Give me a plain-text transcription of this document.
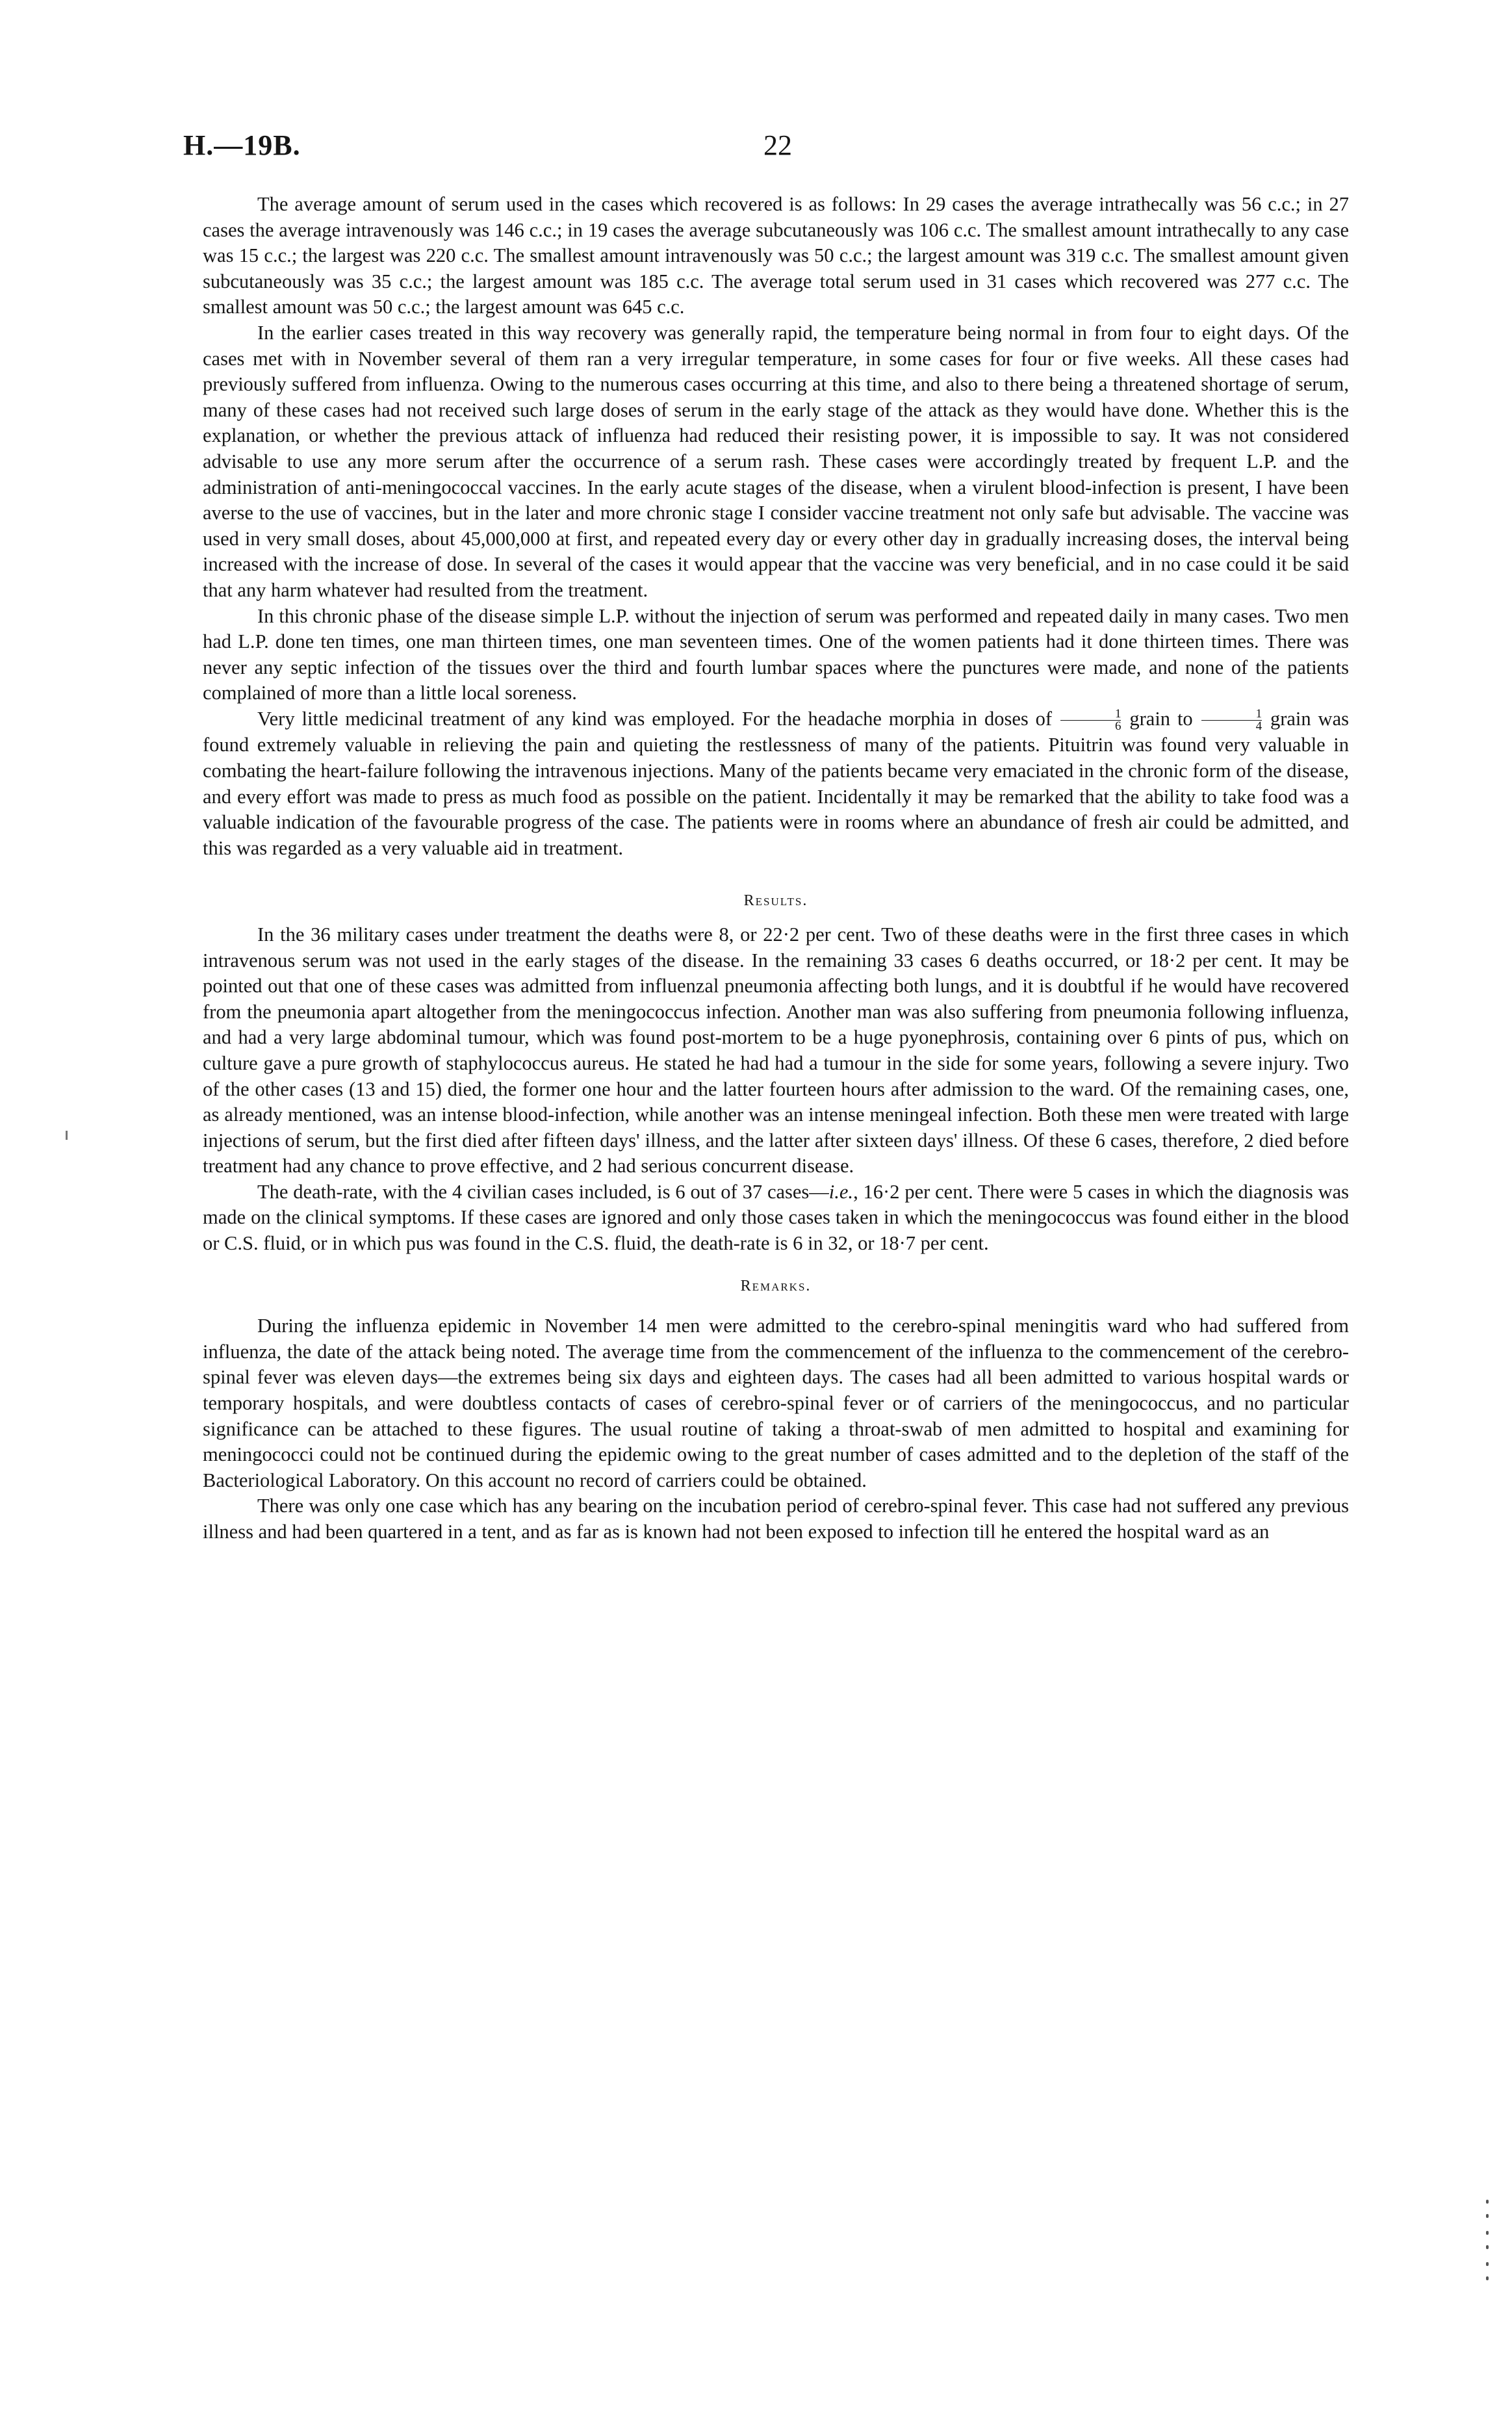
H.—19B.	22

The average amount of serum used in the cases which recovered is as follows: In 29 cases the average intrathecally was 56 c.c.; in 27 cases the average intravenously was 146 c.c.; in 19 cases the average subcutaneously was 106 c.c. The smallest amount intrathecally to any case was 15 c.c.; the largest was 220 c.c. The smallest amount intravenously was 50 c.c.; the largest amount was 319 c.c. The smallest amount given subcutaneously was 35 c.c.; the largest amount was 185 c.c. The average total serum used in 31 cases which recovered was 277 c.c. The smallest amount was 50 c.c.; the largest amount was 645 c.c.

In the earlier cases treated in this way recovery was generally rapid, the temperature being normal in from four to eight days. Of the cases met with in November several of them ran a very irregular temperature, in some cases for four or five weeks. All these cases had previously suffered from influenza. Owing to the numerous cases occurring at this time, and also to there being a threatened shortage of serum, many of these cases had not received such large doses of serum in the early stage of the attack as they would have done. Whether this is the explanation, or whether the previous attack of influenza had reduced their resisting power, it is impossible to say. It was not considered advisable to use any more serum after the occurrence of a serum rash. These cases were accordingly treated by frequent L.P. and the administration of anti-meningococcal vaccines. In the early acute stages of the disease, when a virulent blood-infection is present, I have been averse to the use of vaccines, but in the later and more chronic stage I consider vaccine treatment not only safe but advisable. The vaccine was used in very small doses, about 45,000,000 at first, and repeated every day or every other day in gradually increasing doses, the interval being increased with the increase of dose. In several of the cases it would appear that the vaccine was very beneficial, and in no case could it be said that any harm whatever had resulted from the treatment.

In this chronic phase of the disease simple L.P. without the injection of serum was performed and repeated daily in many cases. Two men had L.P. done ten times, one man thirteen times, one man seventeen times. One of the women patients had it done thirteen times. There was never any septic infection of the tissues over the third and fourth lumbar spaces where the punctures were made, and none of the patients complained of more than a little local soreness.

Very little medicinal treatment of any kind was employed. For the headache morphia in doses of $\frac{1}{6}$ grain to $\frac{1}{4}$ grain was found extremely valuable in relieving the pain and quieting the restlessness of many of the patients. Pituitrin was found very valuable in combating the heart-failure following the intravenous injections. Many of the patients became very emaciated in the chronic form of the disease, and every effort was made to press as much food as possible on the patient. Incidentally it may be remarked that the ability to take food was a valuable indication of the favourable progress of the case. The patients were in rooms where an abundance of fresh air could be admitted, and this was regarded as a very valuable aid in treatment.

Results.

In the 36 military cases under treatment the deaths were 8, or 22·2 per cent. Two of these deaths were in the first three cases in which intravenous serum was not used in the early stages of the disease. In the remaining 33 cases 6 deaths occurred, or 18·2 per cent. It may be pointed out that one of these cases was admitted from influenzal pneumonia affecting both lungs, and it is doubtful if he would have recovered from the pneumonia apart altogether from the meningococcus infection. Another man was also suffering from pneumonia following influenza, and had a very large abdominal tumour, which was found post-mortem to be a huge pyonephrosis, containing over 6 pints of pus, which on culture gave a pure growth of staphylococcus aureus. He stated he had had a tumour in the side for some years, following a severe injury. Two of the other cases (13 and 15) died, the former one hour and the latter fourteen hours after admission to the ward. Of the remaining cases, one, as already mentioned, was an intense blood-infection, while another was an intense meningeal infection. Both these men were treated with large injections of serum, but the first died after fifteen days' illness, and the latter after sixteen days' illness. Of these 6 cases, therefore, 2 died before treatment had any chance to prove effective, and 2 had serious concurrent disease.

The death-rate, with the 4 civilian cases included, is 6 out of 37 cases—i.e., 16·2 per cent. There were 5 cases in which the diagnosis was made on the clinical symptoms. If these cases are ignored and only those cases taken in which the meningococcus was found either in the blood or C.S. fluid, or in which pus was found in the C.S. fluid, the death-rate is 6 in 32, or 18·7 per cent.

Remarks.

During the influenza epidemic in November 14 men were admitted to the cerebro-spinal meningitis ward who had suffered from influenza, the date of the attack being noted. The average time from the commencement of the influenza to the commencement of the cerebro-spinal fever was eleven days—the extremes being six days and eighteen days. The cases had all been admitted to various hospital wards or temporary hospitals, and were doubtless contacts of cases of cerebro-spinal fever or of carriers of the meningococcus, and no particular significance can be attached to these figures. The usual routine of taking a throat-swab of men admitted to hospital and examining for meningococci could not be continued during the epidemic owing to the great number of cases admitted and to the depletion of the staff of the Bacteriological Laboratory. On this account no record of carriers could be obtained.

There was only one case which has any bearing on the incubation period of cerebro-spinal fever. This case had not suffered any previous illness and had been quartered in a tent, and as far as is known had not been exposed to infection till he entered the hospital ward as an
